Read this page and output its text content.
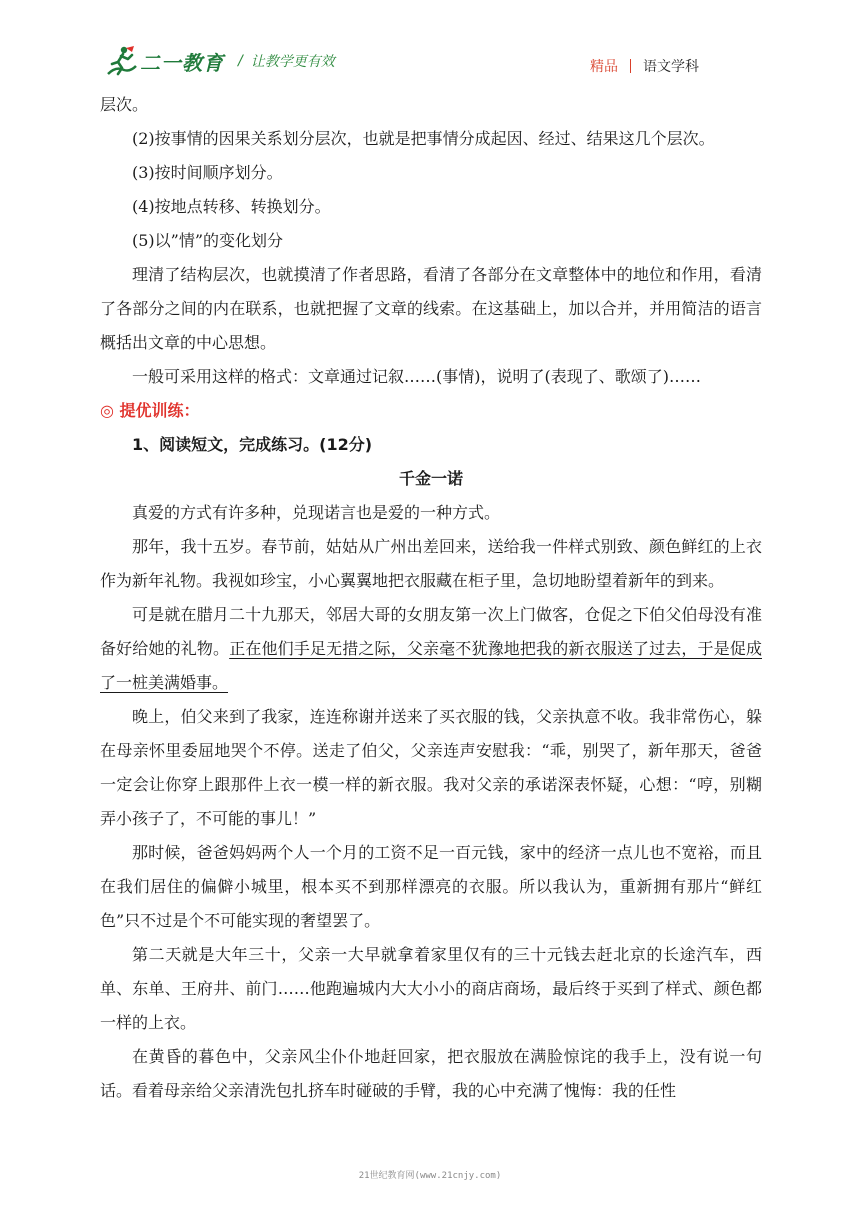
二一教育 / 让教学更有效	精品 语文学科

层次。

(2)按事情的因果关系划分层次，也就是把事情分成起因、经过、结果这几个层次。

(3)按时间顺序划分。

(4)按地点转移、转换划分。

(5)以”情”的变化划分

理清了结构层次，也就摸清了作者思路，看清了各部分在文章整体中的地位和作用，看清了各部分之间的内在联系，也就把握了文章的线索。在这基础上，加以合并，并用简洁的语言概括出文章的中心思想。

一般可采用这样的格式：文章通过记叙……(事情)，说明了(表现了、歌颂了)……

◎ 提优训练：

1、阅读短文，完成练习。(12分)

千金一诺

真爱的方式有许多种，兑现诺言也是爱的一种方式。

那年，我十五岁。春节前，姑姑从广州出差回来，送给我一件样式别致、颜色鲜红的上衣作为新年礼物。我视如珍宝，小心翼翼地把衣服藏在柜子里，急切地盼望着新年的到来。

可是就在腊月二十九那天，邻居大哥的女朋友第一次上门做客，仓促之下伯父伯母没有准备好给她的礼物。正在他们手足无措之际，父亲毫不犹豫地把我的新衣服送了过去，于是促成了一桩美满婚事。

晚上，伯父来到了我家，连连称谢并送来了买衣服的钱，父亲执意不收。我非常伤心，躲在母亲怀里委屈地哭个不停。送走了伯父，父亲连声安慰我：“乖，别哭了，新年那天，爸爸一定会让你穿上跟那件上衣一模一样的新衣服。我对父亲的承诺深表怀疑，心想：“哼，别糊弄小孩子了，不可能的事儿！”

那时候，爸爸妈妈两个人一个月的工资不足一百元钱，家中的经济一点儿也不宽裕，而且在我们居住的偏僻小城里，根本买不到那样漂亮的衣服。所以我认为，重新拥有那片“鲜红色”只不过是个不可能实现的奢望罢了。

第二天就是大年三十，父亲一大早就拿着家里仅有的三十元钱去赶北京的长途汽车，西单、东单、王府井、前门……他跑遍城内大大小小的商店商场，最后终于买到了样式、颜色都一样的上衣。

在黄昏的暮色中，父亲风尘仆仆地赶回家，把衣服放在满脸惊诧的我手上，没有说一句话。看着母亲给父亲清洗包扎挤车时碰破的手臂，我的心中充满了愧悔：我的任性

21世纪教育网(www.21cnjy.com)
